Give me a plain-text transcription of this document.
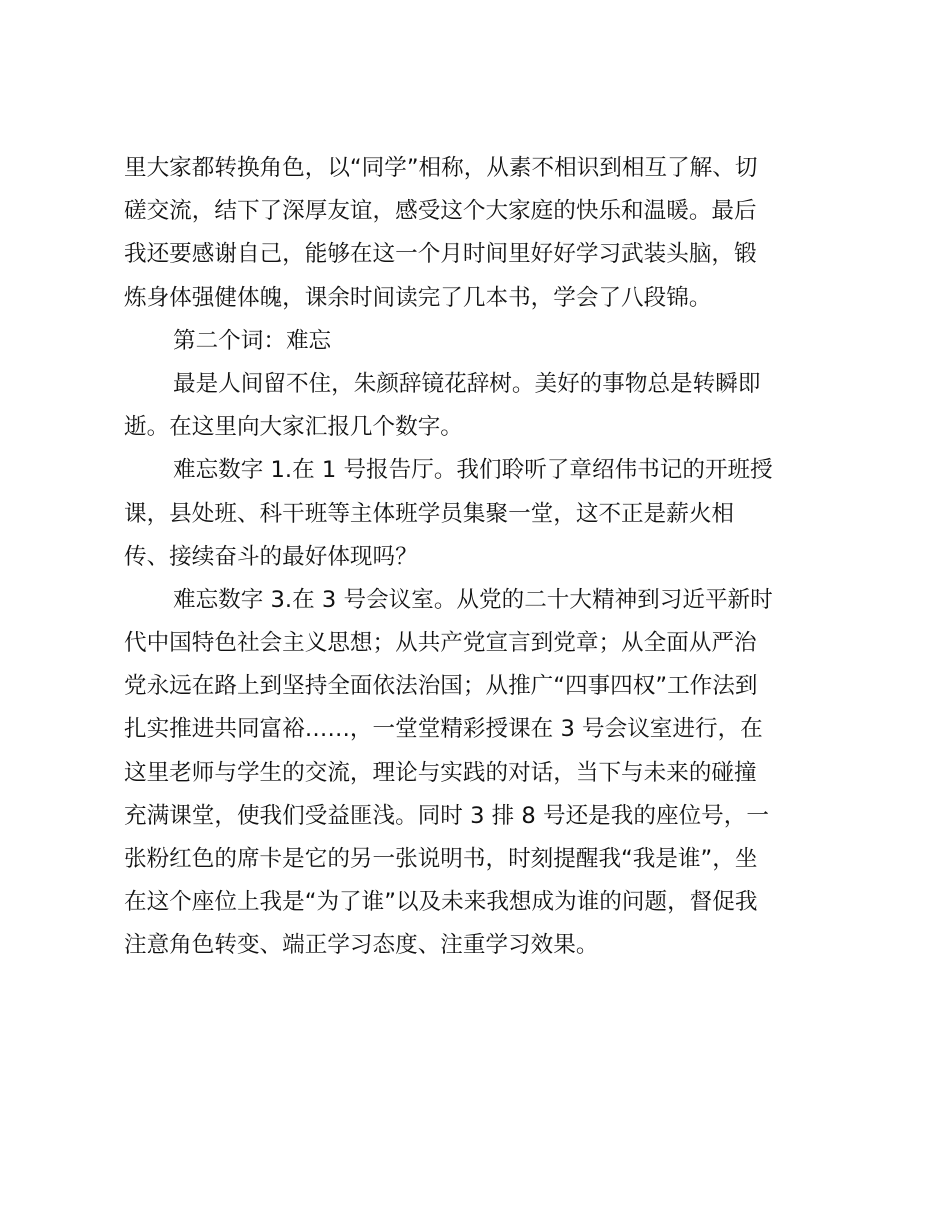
里大家都转换角色，以“同学”相称，从素不相识到相互了解、切
磋交流，结下了深厚友谊，感受这个大家庭的快乐和温暖。最后
我还要感谢自己，能够在这一个月时间里好好学习武装头脑，锻
炼身体强健体魄，课余时间读完了几本书，学会了八段锦。
第二个词：难忘
最是人间留不住，朱颜辞镜花辞树。美好的事物总是转瞬即
逝。在这里向大家汇报几个数字。
难忘数字 1.在 1 号报告厅。我们聆听了章绍伟书记的开班授
课，县处班、科干班等主体班学员集聚一堂，这不正是薪火相
传、接续奋斗的最好体现吗？
难忘数字 3.在 3 号会议室。从党的二十大精神到习近平新时
代中国特色社会主义思想；从共产党宣言到党章；从全面从严治
党永远在路上到坚持全面依法治国；从推广“四事四权”工作法到
扎实推进共同富裕……，一堂堂精彩授课在 3 号会议室进行，在
这里老师与学生的交流，理论与实践的对话，当下与未来的碰撞
充满课堂，使我们受益匪浅。同时 3 排 8 号还是我的座位号，一
张粉红色的席卡是它的另一张说明书，时刻提醒我“我是谁”，坐
在这个座位上我是“为了谁”以及未来我想成为谁的问题，督促我
注意角色转变、端正学习态度、注重学习效果。
